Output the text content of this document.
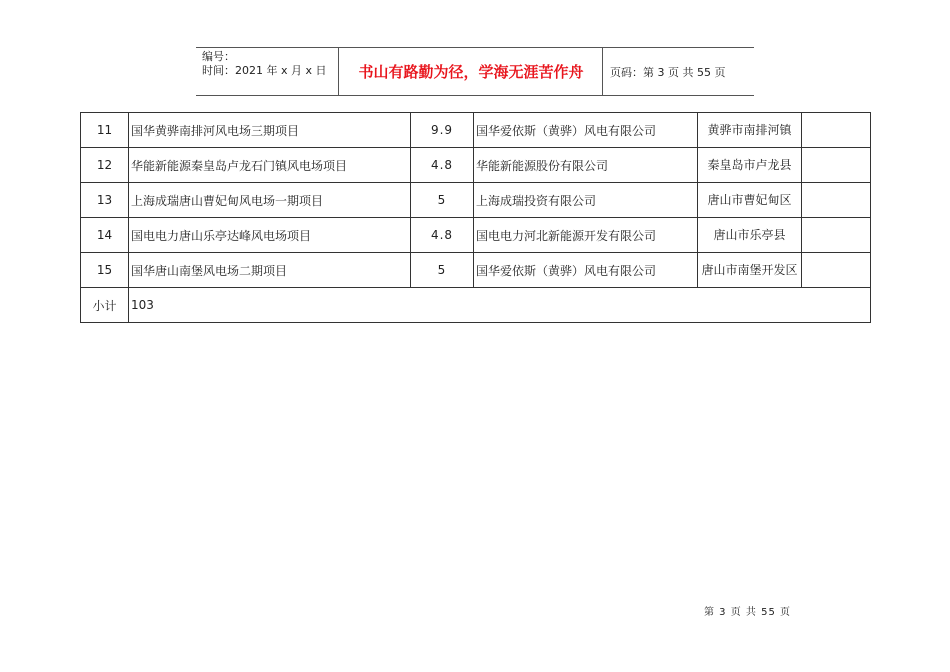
编号：
时间：2021 年 x 月 x 日	书山有路勤为径，学海无涯苦作舟	页码：第 3 页 共 55 页
11	国华黄骅南排河风电场三期项目	9.9	国华爱依斯（黄骅）风电有限公司	黄骅市南排河镇	
12	华能新能源秦皇岛卢龙石门镇风电场项目	4.8	华能新能源股份有限公司	秦皇岛市卢龙县	
13	上海成瑞唐山曹妃甸风电场一期项目	5	上海成瑞投资有限公司	唐山市曹妃甸区	
14	国电电力唐山乐亭达峰风电场项目	4.8	国电电力河北新能源开发有限公司	唐山市乐亭县	
15	国华唐山南堡风电场二期项目	5	国华爱依斯（黄骅）风电有限公司	唐山市南堡开发区	
小计	103				
第 3 页 共 55 页
